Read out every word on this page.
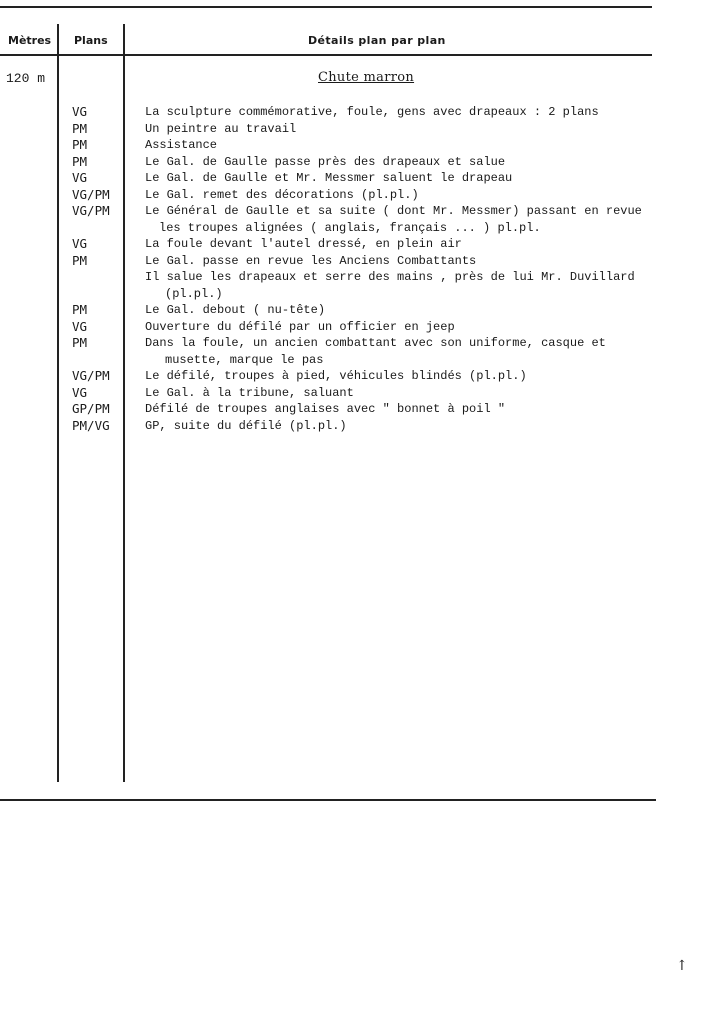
Mètres Plans	Détails plan par plan
120 m	Chute marron
VG	La sculpture commémorative, foule, gens avec drapeaux : 2 plans
PM	Un peintre au travail
PM	Assistance
PM	Le Gal. de Gaulle passe près des drapeaux et salue
VG	Le Gal. de Gaulle et Mr. Messmer saluent le drapeau
VG/PM	Le Gal. remet des décorations (pl.pl.)
VG/PM	Le Général de Gaulle et sa suite ( dont Mr. Messmer) passant en revue
les troupes alignées ( anglais, français ... ) pl.pl.
VG	La foule devant l'autel dressé, en plein air
PM	Le Gal. passe en revue les Anciens Combattants
Il salue les drapeaux et serre des mains , près de lui Mr. Duvillard
(pl.pl.)
PM	Le Gal. debout ( nu-tête)
VG	Ouverture du défilé par un officier en jeep
PM	Dans la foule, un ancien combattant avec son uniforme, casque et
musette, marque le pas
VG/PM	Le défilé, troupes à pied, véhicules blindés (pl.pl.)
VG	Le Gal. à la tribune, saluant
GP/PM	Défilé de troupes anglaises avec " bonnet à poil "
PM/VG	GP, suite du défilé (pl.pl.)
↑
